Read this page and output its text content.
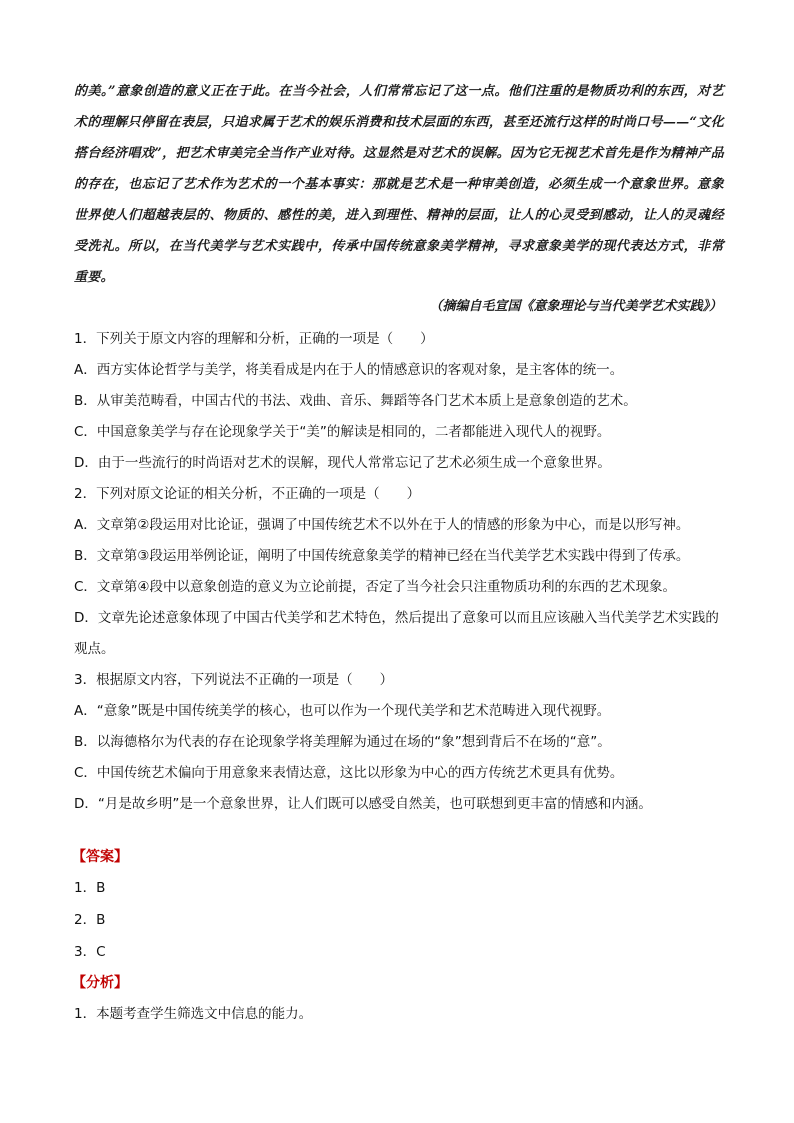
的美。”意象创造的意义正在于此。在当今社会，人们常常忘记了这一点。他们注重的是物质功利的东西，对艺术的理解只停留在表层，只追求属于艺术的娱乐消费和技术层面的东西，甚至还流行这样的时尚口号——“文化搭台经济唱戏”，把艺术审美完全当作产业对待。这显然是对艺术的误解。因为它无视艺术首先是作为精神产品的存在，也忘记了艺术作为艺术的一个基本事实：那就是艺术是一种审美创造，必须生成一个意象世界。意象世界使人们超越表层的、物质的、感性的美，进入到理性、精神的层面，让人的心灵受到感动，让人的灵魂经受洗礼。所以，在当代美学与艺术实践中，传承中国传统意象美学精神，寻求意象美学的现代表达方式，非常重要。

（摘编自毛宣国《意象理论与当代美学艺术实践》）
1．下列关于原文内容的理解和分析，正确的一项是（　　）
A．西方实体论哲学与美学，将美看成是内在于人的情感意识的客观对象，是主客体的统一。
B．从审美范畴看，中国古代的书法、戏曲、音乐、舞蹈等各门艺术本质上是意象创造的艺术。
C．中国意象美学与存在论现象学关于“美”的解读是相同的，二者都能进入现代人的视野。
D．由于一些流行的时尚语对艺术的误解，现代人常常忘记了艺术必须生成一个意象世界。
2．下列对原文论证的相关分析，不正确的一项是（　　）
A．文章第②段运用对比论证，强调了中国传统艺术不以外在于人的情感的形象为中心，而是以形写神。
B．文章第③段运用举例论证，阐明了中国传统意象美学的精神已经在当代美学艺术实践中得到了传承。
C．文章第④段中以意象创造的意义为立论前提，否定了当今社会只注重物质功利的东西的艺术现象。
D．文章先论述意象体现了中国古代美学和艺术特色，然后提出了意象可以而且应该融入当代美学艺术实践的观点。
3．根据原文内容，下列说法不正确的一项是（　　）
A．“意象”既是中国传统美学的核心，也可以作为一个现代美学和艺术范畴进入现代视野。
B．以海德格尔为代表的存在论现象学将美理解为通过在场的“象”想到背后不在场的“意”。
C．中国传统艺术偏向于用意象来表情达意，这比以形象为中心的西方传统艺术更具有优势。
D．“月是故乡明”是一个意象世界，让人们既可以感受自然美，也可联想到更丰富的情感和内涵。
【答案】
1．B
2．B
3．C
【分析】
1．本题考查学生筛选文中信息的能力。
